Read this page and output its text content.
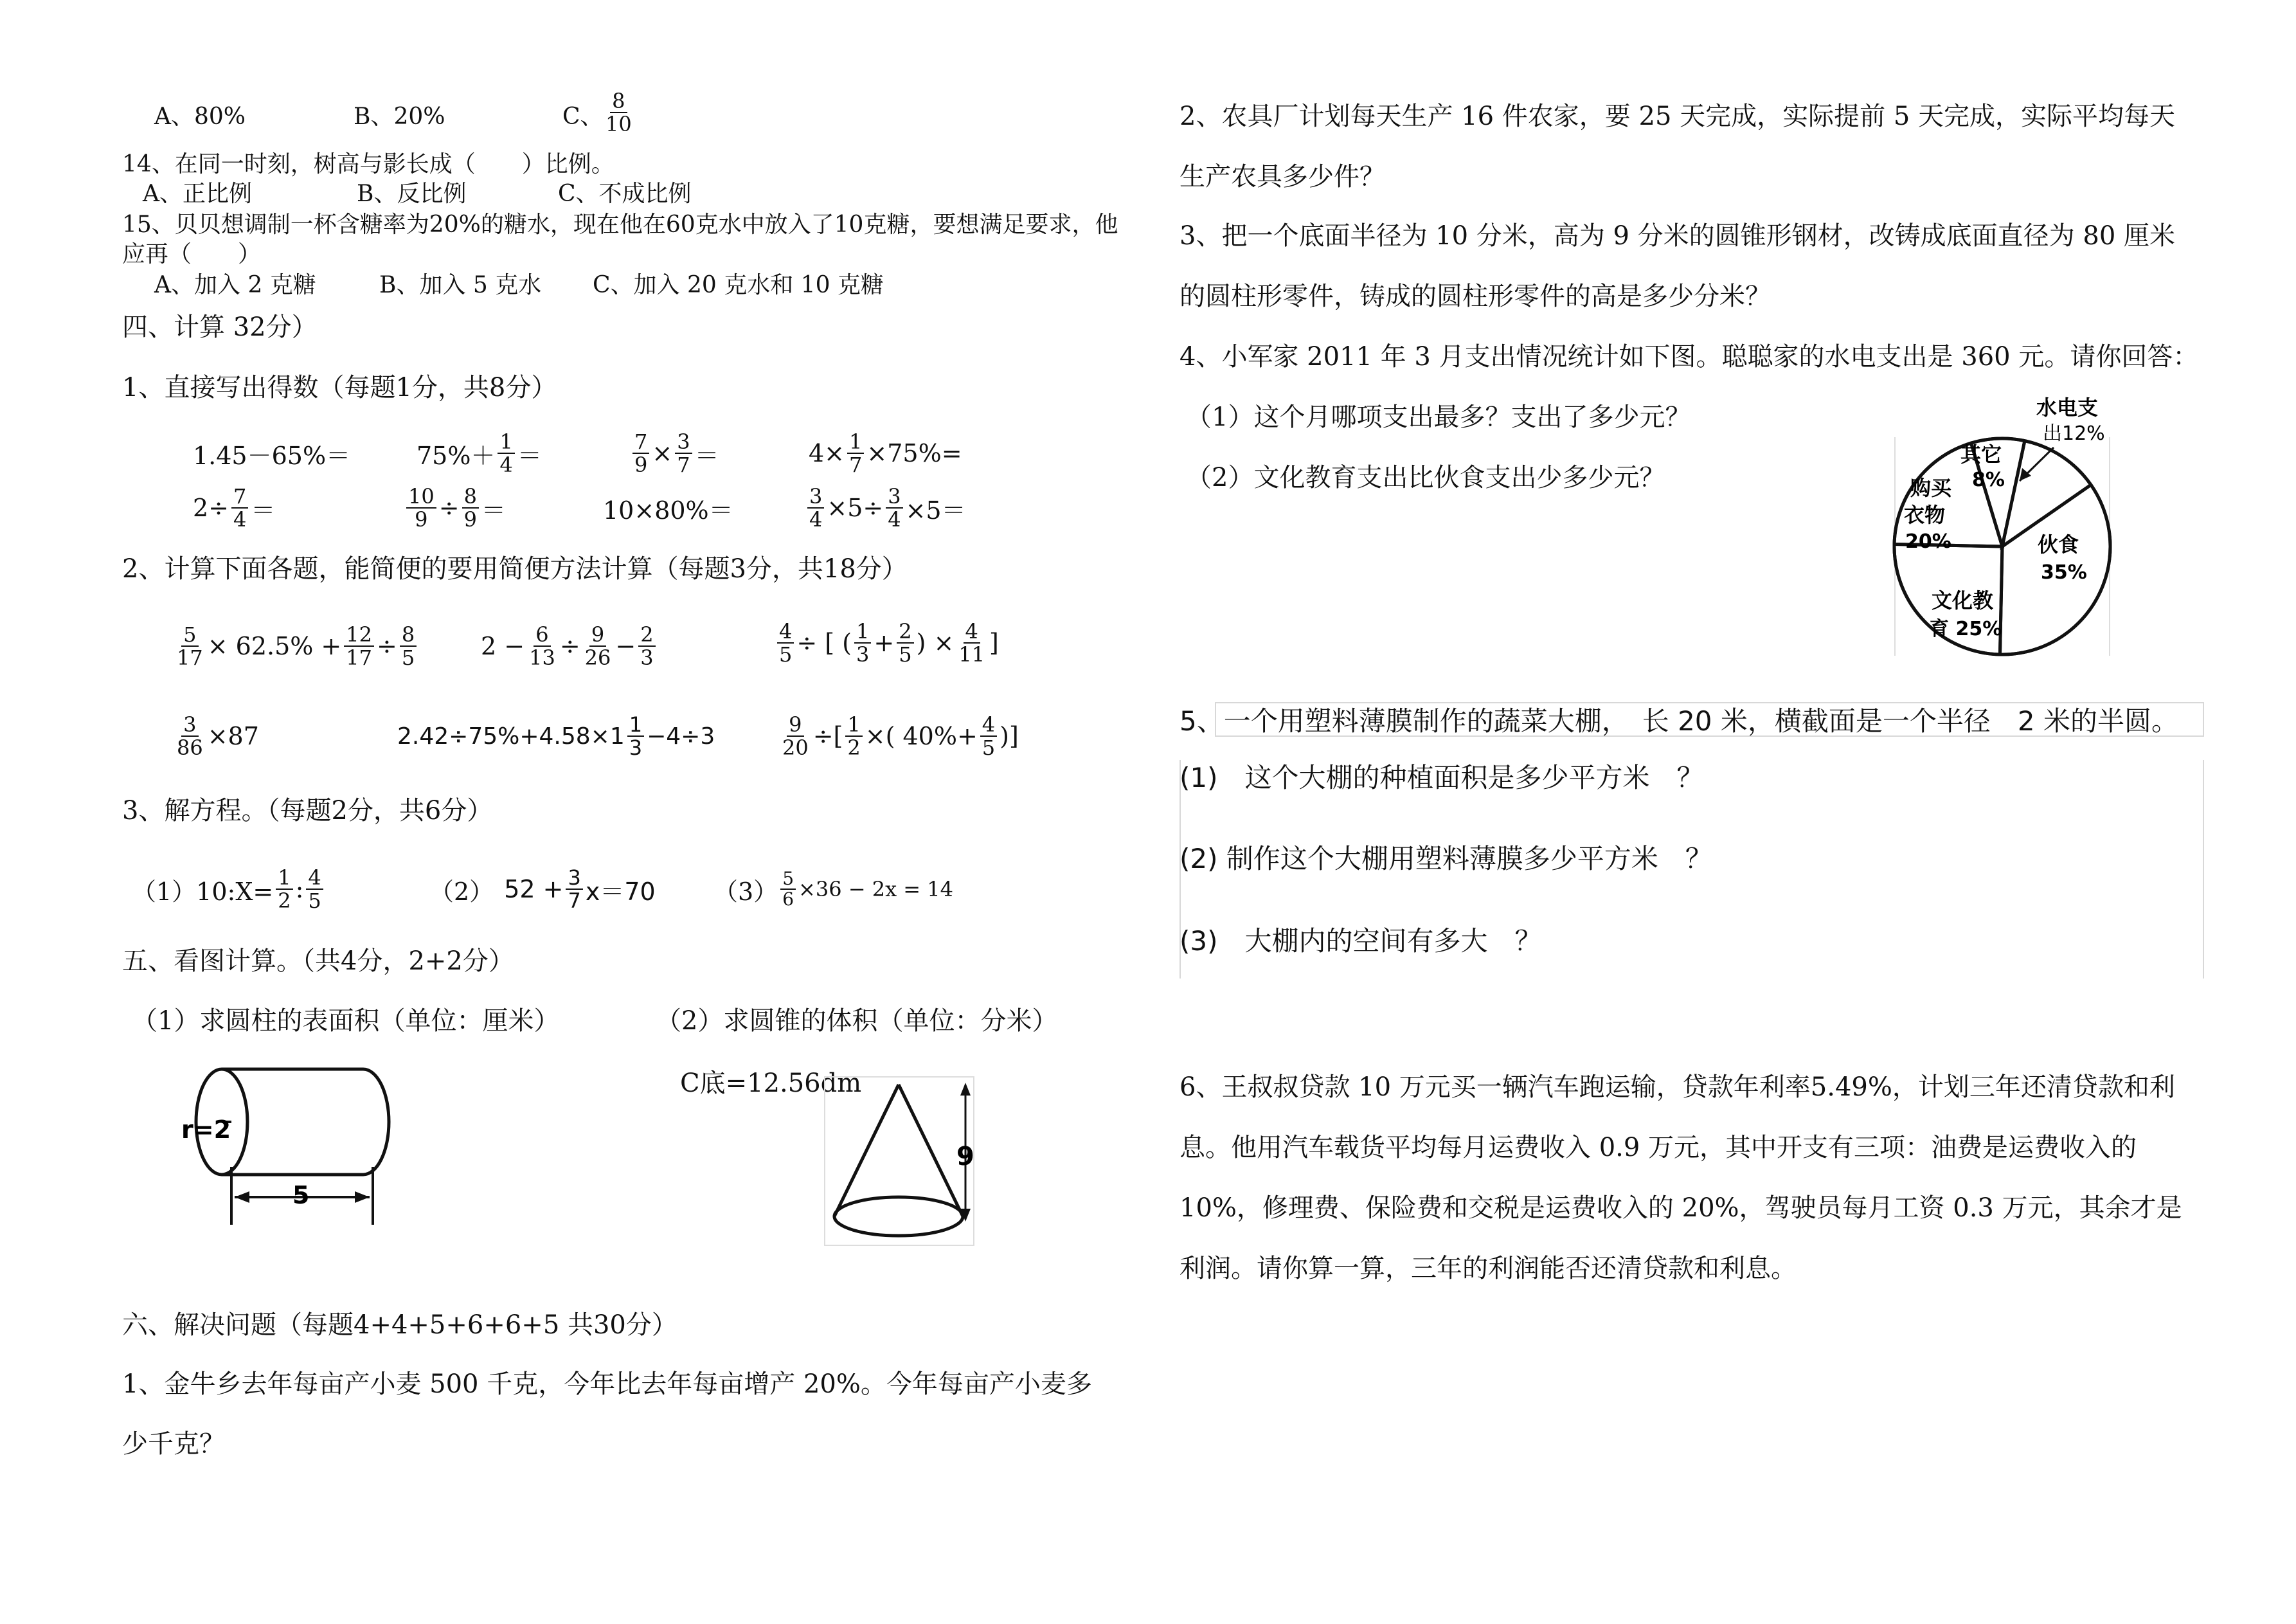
A、80%	B、20%	C、 $\frac{8}{10}$
14、在同一时刻，树高与影长成（　　）比例。
A、正比例	B、反比例	C、不成比例
15、贝贝想调制一杯含糖率为20%的糖水，现在他在60克水中放入了10克糖，要想满足要求，他
应再（　　）
A、加入 2 克糖	B、加入 5 克水 C、加入 20 克水和 10 克糖
四、计算 32分）
1、直接写出得数（每题1分，共8分）
1.45－65%＝	$75\%+ \frac{1}{4}$ ＝	$\frac{7}{9} \times \frac{3}{7}$ ＝	$4\times \frac{1}{7} \times 75\%=$
$2\div \frac{7}{4}$ ＝	$\frac{10}{9} \div \frac{8}{9}$ ＝	10×80%＝	$\frac{3}{4} \times 5\div \frac{3}{4} \times 5=$
2、计算下面各题，能简便的要用简便方法计算（每题3分，共18分）
$\frac{5}{17} \times 62.5\% + \frac{12}{17} \div \frac{8}{5}$	$2 - \frac{6}{13} \div \frac{9}{26} - \frac{2}{3}$	$\frac{4}{5}$ ÷ [ ( $\frac{1}{3} + \frac{2}{5}$ ) × $\frac{4}{11}$ ]
$\frac{3}{86} \times 87$	$2.42\div 75\%+4.58\times 1 \frac{1}{3} -4\div 3$	$\frac{9}{20}$ ÷[ $\frac{1}{2}$ ×( $40\%+ \frac{4}{5}$ )]
3、解方程。（每题2分，共6分）
（1）10:X= $\frac{1}{2}$ : $\frac{4}{5}$	（2） $52 + \frac{3}{7} x=70$ $(3) \frac{5}{6} \times 36 - 2x = 14$
五、看图计算。（共4分，2+2分）
（1）求圆柱的表面积（单位：厘米）	（2）求圆锥的体积（单位：分米）
r=2
5
C底=12.56dm
9
六、解决问题（每题4+4+5+6+6+5 共30分）
1、金牛乡去年每亩产小麦 500 千克，今年比去年每亩增产 20%。今年每亩产小麦多
少千克？
2、农具厂计划每天生产 16 件农家，要 25 天完成，实际提前 5 天完成，实际平均每天
生产农具多少件？
3、把一个底面半径为 10 分米，高为 9 分米的圆锥形钢材，改铸成底面直径为 80 厘米
的圆柱形零件，铸成的圆柱形零件的高是多少分米？
4、小军家 2011 年 3 月支出情况统计如下图。聪聪家的水电支出是 360 元。请你回答：
（1）这个月哪项支出最多？支出了多少元？
（2）文化教育支出比伙食支出少多少元？
水电支
出12%
伙食
35%
文化教
育 25%
购买
衣物
20%
其它
8%
5、一个用塑料薄膜制作的蔬菜大棚，　长 20 米，横截面是一个半径　2 米的半圆。
(1)　这个大棚的种植面积是多少平方米　？
(2) 制作这个大棚用塑料薄膜多少平方米　？
(3)　大棚内的空间有多大　？
6、王叔叔贷款 10 万元买一辆汽车跑运输，贷款年利率5.49%，计划三年还清贷款和利
息。他用汽车载货平均每月运费收入 0.9 万元，其中开支有三项：油费是运费收入的
10%，修理费、保险费和交税是运费收入的 20%，驾驶员每月工资 0.3 万元，其余才是
利润。请你算一算，三年的利润能否还清贷款和利息。
